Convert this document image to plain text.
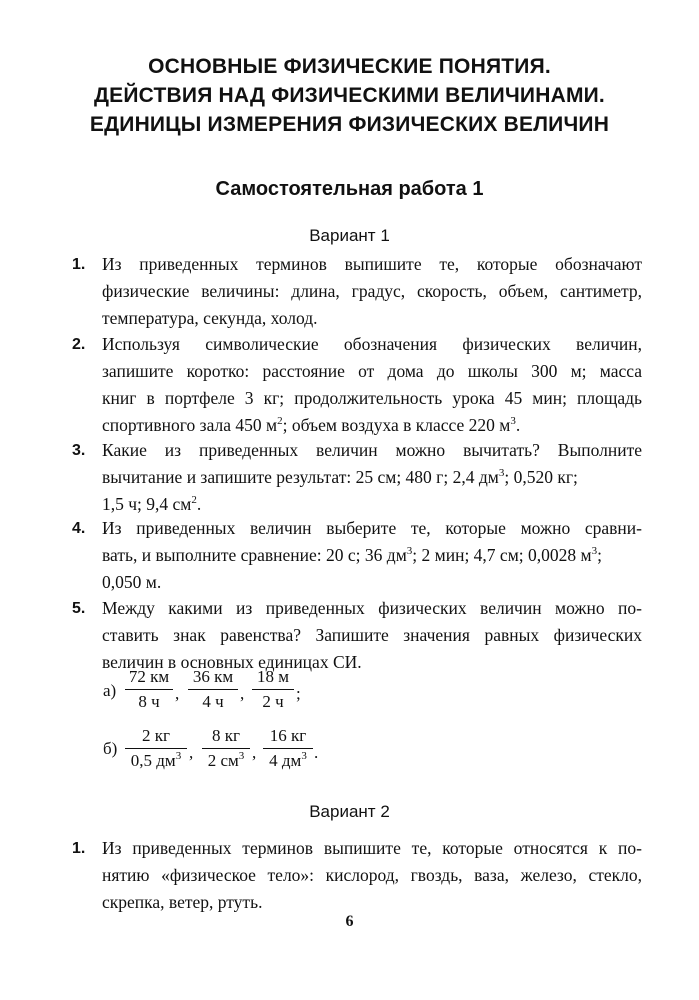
ОСНОВНЫЕ ФИЗИЧЕСКИЕ ПОНЯТИЯ.
ДЕЙСТВИЯ НАД ФИЗИЧЕСКИМИ ВЕЛИЧИНАМИ.
ЕДИНИЦЫ ИЗМЕРЕНИЯ ФИЗИЧЕСКИХ ВЕЛИЧИН
Самостоятельная работа 1
Вариант 1
1. Из приведенных терминов выпишите те, которые обозначают
физические величины: длина, градус, скорость, объем, сантиметр,
температура, секунда, холод.
2. Используя символические обозначения физических величин,
запишите коротко: расстояние от дома до школы 300 м; масса
книг в портфеле 3 кг; продолжительность урока 45 мин; площадь
спортивного зала 450 $м^2$; объем воздуха в классе 220 $м^3$.
3. Какие из приведенных величин можно вычитать? Выполните
вычитание и запишите результат: 25 см; 480 г; 2,4 $дм^3$; 0,520 кг;
1,5 ч; 9,4 $см^2$.
4. Из приведенных величин выберите те, которые можно сравни-
вать, и выполните сравнение: 20 с; 36 $дм^3$; 2 мин; 4,7 см; 0,0028 $м^3$;
0,050 м.
5. Между какими из приведенных физических величин можно по-
ставить знак равенства? Запишите значения равных физических
величин в основных единицах СИ.
а)
72 км
8 ч ,
36 км
4 ч ,
18 м
2 ч ;
б)
2 кг
0,5 $дм^3$ ,
8 кг
2 $см^3$ ,
16 кг
4 $дм^3$ .
Вариант 2
1. Из приведенных терминов выпишите те, которые относятся к по-
нятию «физическое тело»: кислород, гвоздь, ваза, железо, стекло,
скрепка, ветер, ртуть.
6
